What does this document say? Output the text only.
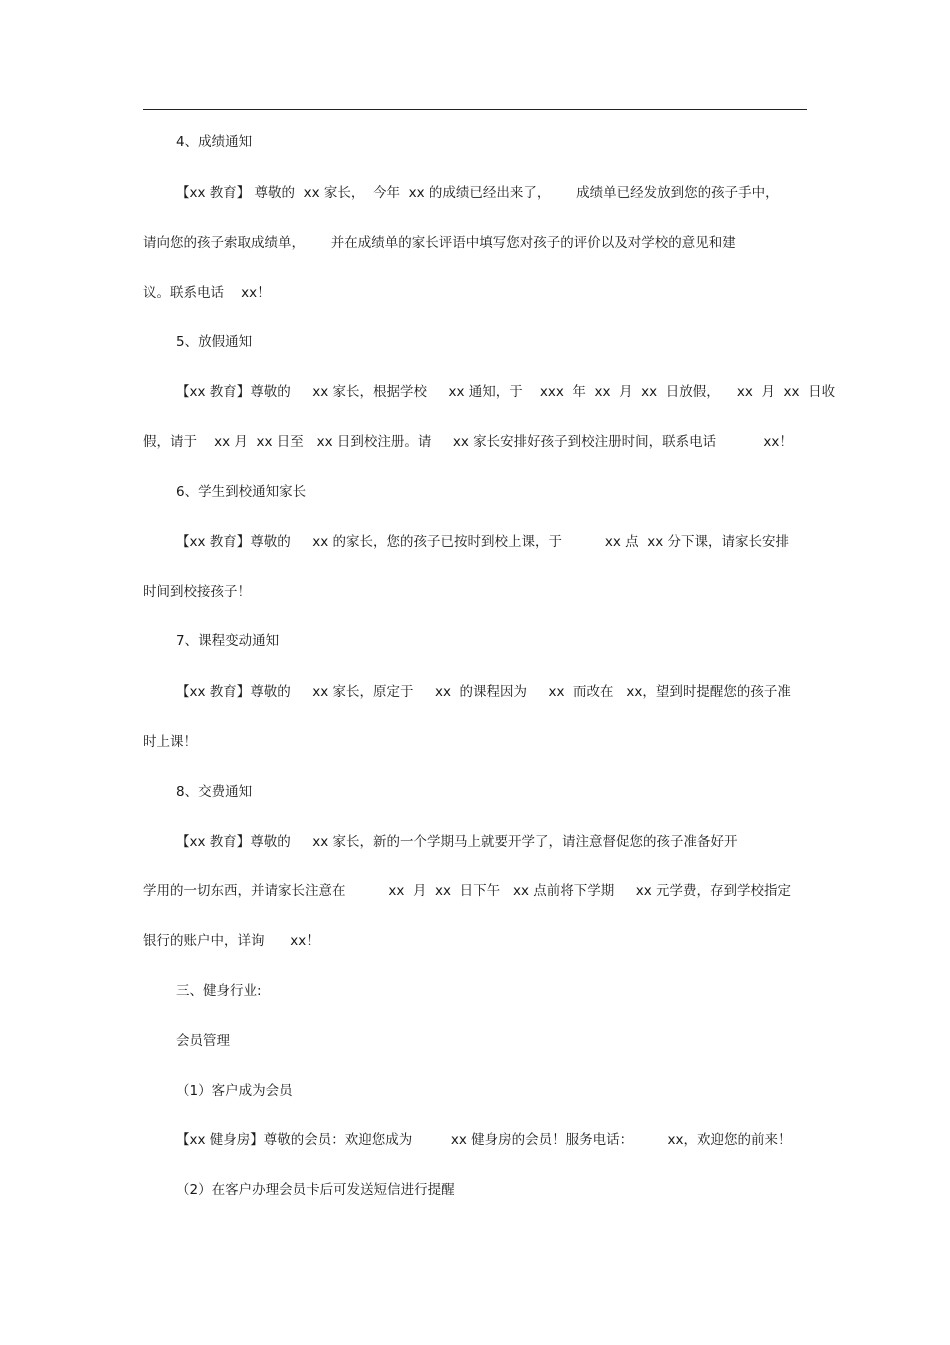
4、成绩通知
【xx 教育】 尊敬的  xx 家长，  今年  xx 的成绩已经出来了，      成绩单已经发放到您的孩子手中，
请向您的孩子索取成绩单，      并在成绩单的家长评语中填写您对孩子的评价以及对学校的意见和建
议。联系电话    xx！
5、放假通知
【xx 教育】尊敬的     xx 家长，根据学校     xx 通知，于    xxx  年  xx  月  xx  日放假，    xx  月  xx  日收
假，请于    xx 月  xx 日至   xx 日到校注册。请     xx 家长安排好孩子到校注册时间，联系电话           xx！
6、学生到校通知家长
【xx 教育】尊敬的     xx 的家长，您的孩子已按时到校上课，于          xx 点  xx 分下课，请家长安排
时间到校接孩子！
7、课程变动通知
【xx 教育】尊敬的     xx 家长，原定于     xx  的课程因为     xx  而改在   xx，望到时提醒您的孩子准
时上课！
8、交费通知
【xx 教育】尊敬的     xx 家长，新的一个学期马上就要开学了，请注意督促您的孩子准备好开
学用的一切东西，并请家长注意在          xx  月  xx  日下午   xx 点前将下学期     xx 元学费，存到学校指定
银行的账户中，详询      xx！
三、健身行业:
会员管理
（1）客户成为会员
【xx 健身房】尊敬的会员：欢迎您成为         xx 健身房的会员！服务电话：        xx，欢迎您的前来！
（2）在客户办理会员卡后可发送短信进行提醒
